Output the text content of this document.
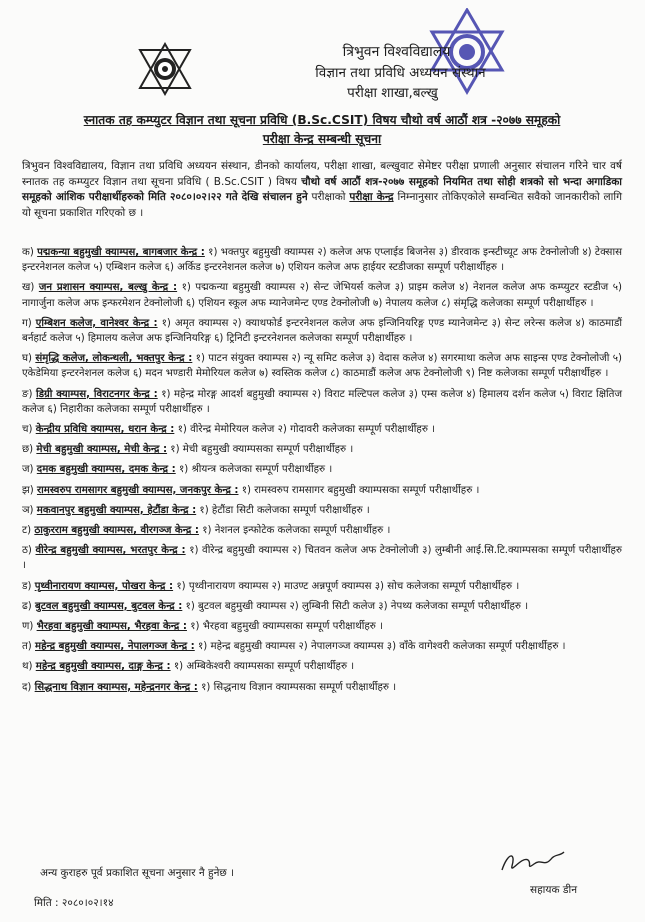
त्रिभुवन विश्वविद्यालय
विज्ञान तथा प्रविधि अध्ययन संस्थान
परीक्षा शाखा,बल्खु
स्नातक तह कम्प्युटर विज्ञान तथा सूचना प्रविधि (B.Sc.CSIT) विषय चौथो वर्ष आठौं शत्र -२०७७ समूहको
परीक्षा केन्द्र सम्बन्धी सूचना
त्रिभुवन विश्वविद्यालय, विज्ञान तथा प्रविधि अध्ययन संस्थान, डीनको कार्यालय, परीक्षा शाखा, बल्खुवाट सेमेष्टर परीक्षा प्रणाली अनुसार संचालन गरिने चार वर्ष स्नातक तह कम्प्युटर विज्ञान तथा सूचना प्रविधि ( B.Sc.CSIT ) विषय चौथो वर्ष आठौं शत्र-२०७७ समूहको नियमित तथा सोही शत्रको सो भन्दा अगाडिका समूहको आंशिक परीक्षार्थीहरुको मिति २०८०।०२।२२ गते देखि संचालन हुने परीक्षाको परीक्षा केन्द्र निम्नानुसार तोकिएकोले सम्वन्धित सवैको जानकारीको लागि यो सूचना प्रकाशित गरिएको छ ।
क) पद्मकन्या बहुमुखी क्याम्पस, बागबजार केन्द्र : १) भक्तपुर बहुमुखी क्याम्पस २) कलेज अफ एप्लाईड बिजनेस ३) डीरवाक इन्स्टीच्यूट अफ टेक्नोलोजी ४) टेक्सास इन्टरनेशनल कलेज ५) एम्बिशन कलेज ६) अर्किड इन्टरनेशनल कलेज ७) एशियन कलेज अफ हाईयर स्टडीजका सम्पूर्ण परीक्षार्थीहरु ।
ख) जन प्रशासन क्याम्पस, बल्खु केन्द्र : १) पद्मकन्या बहुमुखी क्याम्पस २) सेन्ट जेभियर्स कलेज ३) प्राइम कलेज ४) नेशनल कलेज अफ कम्प्युटर स्टडीज ५) नागार्जुना कलेज अफ इन्फरमेशन टेक्नोलोजी ६) एशियन स्कूल अफ म्यानेजमेन्ट एण्ड टेक्नोलोजी ७) नेपालय कलेज ८) संमृद्धि कलेजका सम्पूर्ण परीक्षार्थीहरु ।
ग) एम्बिशन कलेज, वानेश्वर केन्द्र : १) अमृत क्याम्पस २) क्याथफोर्ड इन्टरनेशनल कलेज अफ इन्जिनियरिङ्ग एण्ड म्यानेजमेन्ट ३) सेन्ट लरेन्स कलेज ४) काठमाडौं बर्नहार्ट कलेज ५) हिमालय कलेज अफ इन्जिनियरिङ्ग ६) ट्रिनिटी इन्टरनेशनल कलेजका सम्पूर्ण परीक्षार्थीहरु ।
घ) संमृद्धि कलेज, लोकन्थली, भक्तपुर केन्द्र : १) पाटन संयुक्त क्याम्पस २) न्यू समिट कलेज ३) वेदास कलेज ४) सगरमाथा कलेज अफ साइन्स एण्ड टेक्नोलोजी ५) एकेडेमिया इन्टरनेशनल कलेज ६) मदन भण्डारी मेमोरियल कलेज ७) स्वस्तिक कलेज ८) काठमाडौं कलेज अफ टेक्नोलोजी ९) निष्ट कलेजका सम्पूर्ण परीक्षार्थीहरु ।
ङ) डिग्री क्याम्पस, विराटनगर केन्द्र : १) महेन्द्र मोरङ्ग आदर्श बहुमुखी क्याम्पस २) विराट मल्टिपल कलेज ३) एम्स कलेज ४) हिमालय दर्शन कलेज ५) विराट क्षितिज कलेज ६) निहारीका कलेजका सम्पूर्ण परीक्षार्थीहरु ।
च) केन्द्रीय प्रविधि क्याम्पस, धरान केन्द्र : १) वीरेन्द्र मेमोरियल कलेज २) गोदावरी कलेजका सम्पूर्ण परीक्षार्थीहरु ।
छ) मेची बहुमुखी क्याम्पस, मेची केन्द्र : १) मेची बहुमुखी क्याम्पसका सम्पूर्ण परीक्षार्थीहरु ।
ज) दमक बहुमुखी क्याम्पस, दमक केन्द्र : १) श्रीयन्त्र कलेजका सम्पूर्ण परीक्षार्थीहरु ।
झ) रामस्वरुप रामसागर बहुमुखी क्याम्पस, जनकपुर केन्द्र : १) रामस्वरुप रामसागर बहुमुखी क्याम्पसका सम्पूर्ण परीक्षार्थीहरु ।
ञ) मकवानपुर बहुमुखी क्याम्पस, हेटौंडा केन्द्र : १) हेटौंडा सिटी कलेजका सम्पूर्ण परीक्षार्थीहरु ।
ट) ठाकुरराम बहुमुखी क्याम्पस, वीरगञ्ज केन्द्र : १) नेशनल इन्फोटेक कलेजका सम्पूर्ण परीक्षार्थीहरु ।
ठ) वीरेन्द्र बहुमुखी क्याम्पस, भरतपुर केन्द्र : १) वीरेन्द्र बहुमुखी क्याम्पस २) चितवन कलेज अफ टेक्नोलोजी ३) लुम्बीनी आई.सि.टि.क्याम्पसका सम्पूर्ण परीक्षार्थीहरु ।
ड) पृथ्वीनारायण क्याम्पस, पोखरा केन्द्र : १) पृथ्वीनारायण क्याम्पस २) माउण्ट अन्नपूर्ण क्याम्पस ३) सोच कलेजका सम्पूर्ण परीक्षार्थीहरु ।
ढ) बुटवल बहुमुखी क्याम्पस, बुटवल केन्द्र : १) बुटवल बहुमुखी क्याम्पस २) लुम्बिनी सिटी कलेज ३) नेपथ्य कलेजका सम्पूर्ण परीक्षार्थीहरु ।
ण) भैरहवा बहुमुखी क्याम्पस, भैरहवा केन्द्र : १) भैरहवा बहुमुखी क्याम्पसका सम्पूर्ण परीक्षार्थीहरु ।
त) महेन्द्र बहुमुखी क्याम्पस, नेपालगञ्ज केन्द्र : १) महेन्द्र बहुमुखी क्याम्पस २) नेपालगञ्ज क्याम्पस ३) वाँके वागेश्वरी कलेजका सम्पूर्ण परीक्षार्थीहरु ।
थ) महेन्द्र बहुमुखी क्याम्पस, दाङ्ग केन्द्र : १) अम्बिकेश्वरी क्याम्पसका सम्पूर्ण परीक्षार्थीहरु ।
द) सिद्धनाथ विज्ञान क्याम्पस, महेन्द्रनगर केन्द्र : १) सिद्धनाथ विज्ञान क्याम्पसका सम्पूर्ण परीक्षार्थीहरु ।
अन्य कुराहरु पूर्व प्रकाशित सूचना अनुसार नै हुनेछ ।
सहायक डीन
मिति : २०८०।०२।१४
